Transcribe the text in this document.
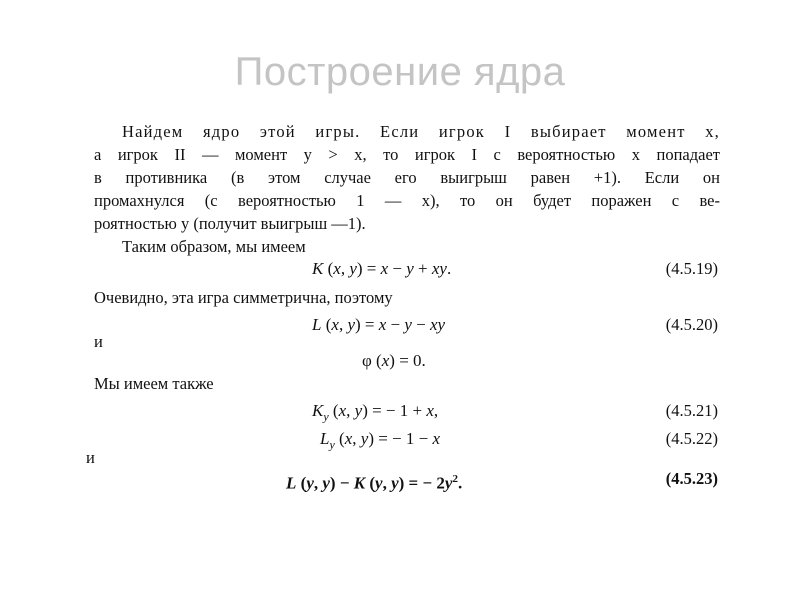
Построение ядра
Найдем ядро этой игры. Если игрок I выбирает момент x,
а игрок II — момент y > x, то игрок I с вероятностью x попадает
в противника (в этом случае его выигрыш равен +1). Если он
промахнулся (с вероятностью 1 — x), то он будет поражен с ве-
роятностью y (получит выигрыш —1).
Таким образом, мы имеем
K (x, y) = x − y + xy.	(4.5.19)
Очевидно, эта игра симметрична, поэтому
L (x, y) = x − y − xy	(4.5.20)
и
φ (x) = 0.
Мы имеем также
$K_y$ (x, y) = − 1 + x,	(4.5.21)
$L_y$ (x, y) = − 1 − x	(4.5.22)
и
L (y, y) − K (y, y) = − $2y^2$.	(4.5.23)
